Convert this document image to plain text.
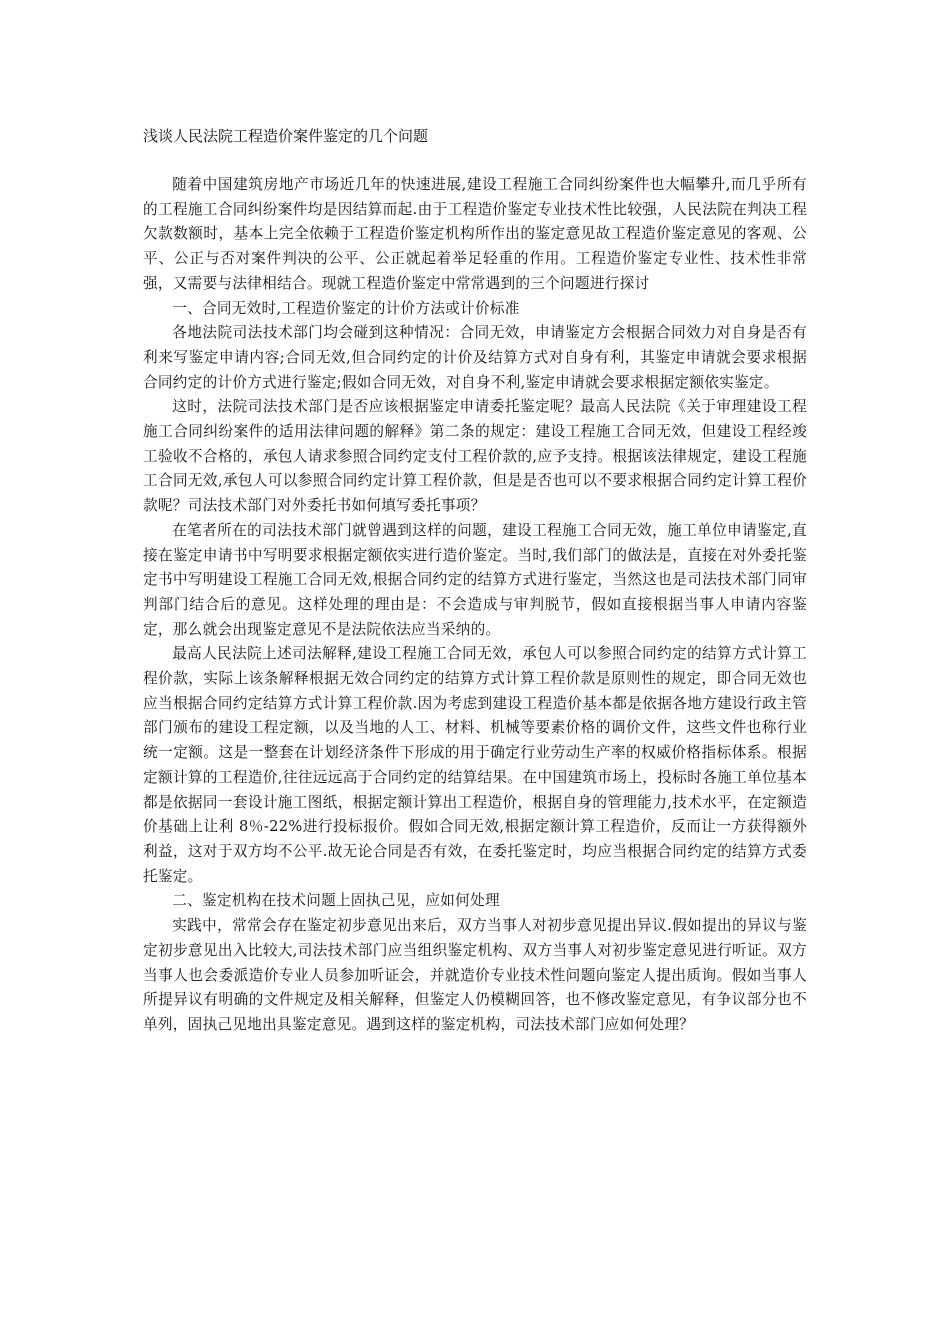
浅谈人民法院工程造价案件鉴定的几个问题

随着中国建筑房地产市场近几年的快速进展,建设工程施工合同纠纷案件也大幅攀升,而几乎所有的工程施工合同纠纷案件均是因结算而起.由于工程造价鉴定专业技术性比较强，人民法院在判决工程欠款数额时，基本上完全依赖于工程造价鉴定机构所作出的鉴定意见故工程造价鉴定意见的客观、公平、公正与否对案件判决的公平、公正就起着举足轻重的作用。工程造价鉴定专业性、技术性非常强，又需要与法律相结合。现就工程造价鉴定中常常遇到的三个问题进行探讨

一、合同无效时,工程造价鉴定的计价方法或计价标准

各地法院司法技术部门均会碰到这种情况：合同无效，申请鉴定方会根据合同效力对自身是否有利来写鉴定申请内容;合同无效,但合同约定的计价及结算方式对自身有利，其鉴定申请就会要求根据合同约定的计价方式进行鉴定;假如合同无效，对自身不利,鉴定申请就会要求根据定额依实鉴定。

这时，法院司法技术部门是否应该根据鉴定申请委托鉴定呢？最高人民法院《关于审理建设工程施工合同纠纷案件的适用法律问题的解释》第二条的规定：建设工程施工合同无效，但建设工程经竣工验收不合格的，承包人请求参照合同约定支付工程价款的,应予支持。根据该法律规定，建设工程施工合同无效,承包人可以参照合同约定计算工程价款，但是是否也可以不要求根据合同约定计算工程价款呢？司法技术部门对外委托书如何填写委托事项？

在笔者所在的司法技术部门就曾遇到这样的问题，建设工程施工合同无效，施工单位申请鉴定,直接在鉴定申请书中写明要求根据定额依实进行造价鉴定。当时,我们部门的做法是，直接在对外委托鉴定书中写明建设工程施工合同无效,根据合同约定的结算方式进行鉴定，当然这也是司法技术部门同审判部门结合后的意见。这样处理的理由是：不会造成与审判脱节，假如直接根据当事人申请内容鉴定，那么就会出现鉴定意见不是法院依法应当采纳的。

最高人民法院上述司法解释,建设工程施工合同无效，承包人可以参照合同约定的结算方式计算工程价款，实际上该条解释根据无效合同约定的结算方式计算工程价款是原则性的规定，即合同无效也应当根据合同约定结算方式计算工程价款.因为考虑到建设工程造价基本都是依据各地方建设行政主管部门颁布的建设工程定额，以及当地的人工、材料、机械等要素价格的调价文件，这些文件也称行业统一定额。这是一整套在计划经济条件下形成的用于确定行业劳动生产率的权威价格指标体系。根据定额计算的工程造价,往往远远高于合同约定的结算结果。在中国建筑市场上，投标时各施工单位基本都是依据同一套设计施工图纸，根据定额计算出工程造价，根据自身的管理能力,技术水平，在定额造价基础上让利 8％-22%进行投标报价。假如合同无效,根据定额计算工程造价，反而让一方获得额外利益，这对于双方均不公平.故无论合同是否有效，在委托鉴定时，均应当根据合同约定的结算方式委托鉴定。

二、鉴定机构在技术问题上固执己见，应如何处理

实践中，常常会存在鉴定初步意见出来后，双方当事人对初步意见提出异议.假如提出的异议与鉴定初步意见出入比较大,司法技术部门应当组织鉴定机构、双方当事人对初步鉴定意见进行听证。双方当事人也会委派造价专业人员参加听证会，并就造价专业技术性问题向鉴定人提出质询。假如当事人所提异议有明确的文件规定及相关解释，但鉴定人仍模糊回答，也不修改鉴定意见，有争议部分也不单列，固执己见地出具鉴定意见。遇到这样的鉴定机构，司法技术部门应如何处理？
